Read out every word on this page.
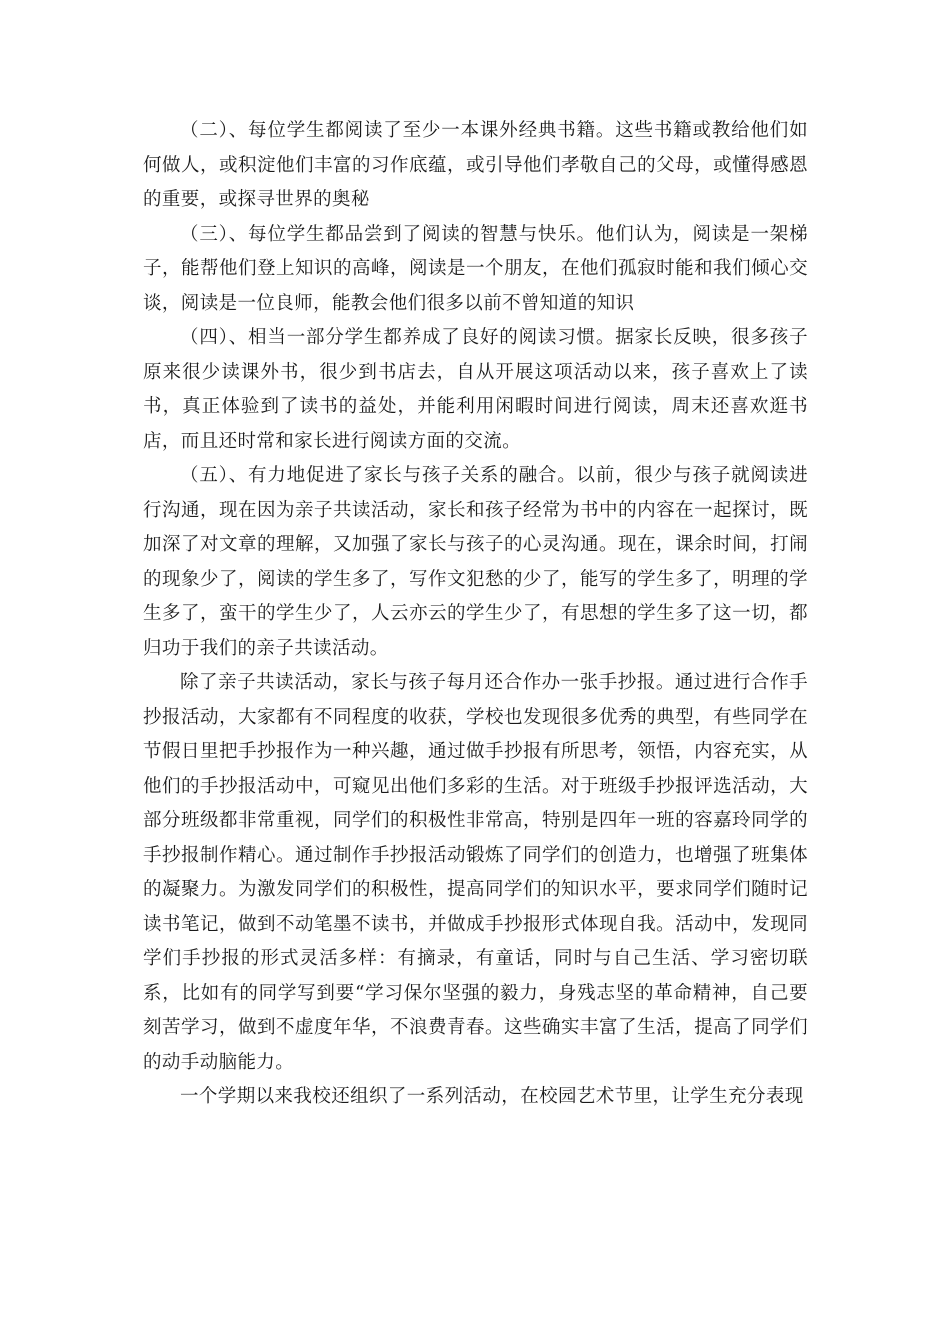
（二）、每位学生都阅读了至少一本课外经典书籍。这些书籍或教给他们如何做人，或积淀他们丰富的习作底蕴，或引导他们孝敬自己的父母，或懂得感恩的重要，或探寻世界的奥秘

（三）、每位学生都品尝到了阅读的智慧与快乐。他们认为，阅读是一架梯子，能帮他们登上知识的高峰，阅读是一个朋友，在他们孤寂时能和我们倾心交谈，阅读是一位良师，能教会他们很多以前不曾知道的知识

（四）、相当一部分学生都养成了良好的阅读习惯。据家长反映，很多孩子原来很少读课外书，很少到书店去，自从开展这项活动以来，孩子喜欢上了读书，真正体验到了读书的益处，并能利用闲暇时间进行阅读，周末还喜欢逛书店，而且还时常和家长进行阅读方面的交流。

（五）、有力地促进了家长与孩子关系的融合。以前，很少与孩子就阅读进行沟通，现在因为亲子共读活动，家长和孩子经常为书中的内容在一起探讨，既加深了对文章的理解，又加强了家长与孩子的心灵沟通。现在，课余时间，打闹的现象少了，阅读的学生多了，写作文犯愁的少了，能写的学生多了，明理的学生多了，蛮干的学生少了，人云亦云的学生少了，有思想的学生多了这一切，都归功于我们的亲子共读活动。

除了亲子共读活动，家长与孩子每月还合作办一张手抄报。通过进行合作手抄报活动，大家都有不同程度的收获，学校也发现很多优秀的典型，有些同学在节假日里把手抄报作为一种兴趣，通过做手抄报有所思考，领悟，内容充实，从他们的手抄报活动中，可窥见出他们多彩的生活。对于班级手抄报评选活动，大部分班级都非常重视，同学们的积极性非常高，特别是四年一班的容嘉玲同学的手抄报制作精心。通过制作手抄报活动锻炼了同学们的创造力，也增强了班集体的凝聚力。为激发同学们的积极性，提高同学们的知识水平，要求同学们随时记读书笔记，做到不动笔墨不读书，并做成手抄报形式体现自我。活动中，发现同学们手抄报的形式灵活多样：有摘录，有童话，同时与自己生活、学习密切联系，比如有的同学写到要“学习保尔坚强的毅力，身残志坚的革命精神，自己要刻苦学习，做到不虚度年华，不浪费青春。这些确实丰富了生活，提高了同学们的动手动脑能力。

一个学期以来我校还组织了一系列活动，在校园艺术节里，让学生充分表现
